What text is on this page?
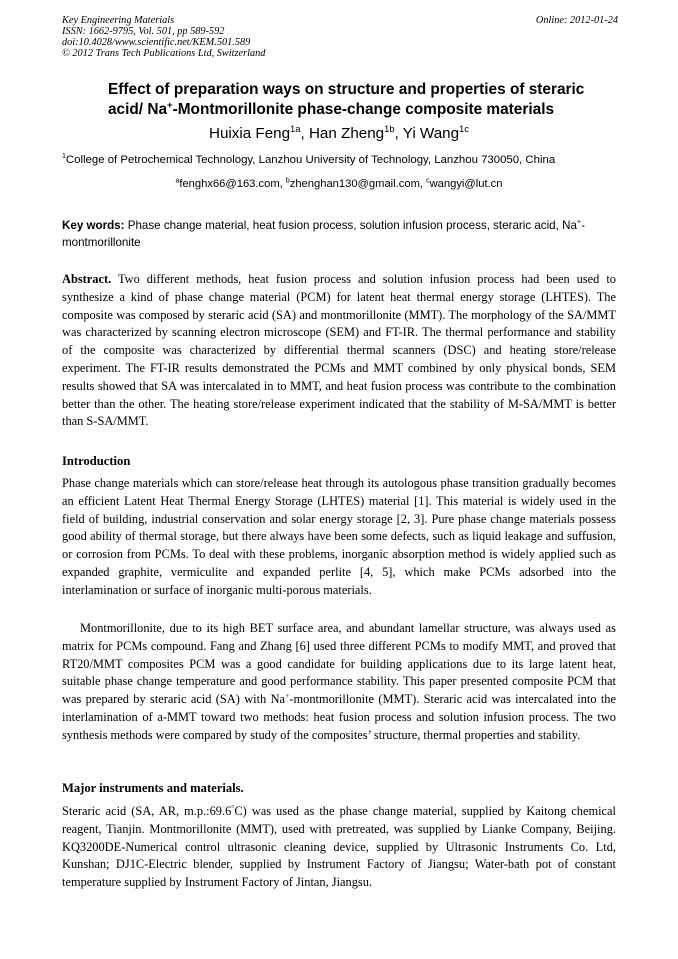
Key Engineering Materials
ISSN: 1662-9795, Vol. 501, pp 589-592
doi:10.4028/www.scientific.net/KEM.501.589
© 2012 Trans Tech Publications Ltd, Switzerland
Online: 2012-01-24
Effect of preparation ways on structure and properties of steraric
acid/ Na+-Montmorillonite phase-change composite materials
Huixia Feng$^{1a}$, Han Zheng$^{1b}$, Yi Wang$^{1c}$
$^1$College of Petrochemical Technology, Lanzhou University of Technology, Lanzhou 730050, China
$^a$fenghx66@163.com, $^b$zhenghan130@gmail.com, $^c$wangyi@lut.cn
Key words: Phase change material, heat fusion process, solution infusion process, steraric acid, Na+-montmorillonite
Abstract. Two different methods, heat fusion process and solution infusion process had been used to synthesize a kind of phase change material (PCM) for latent heat thermal energy storage (LHTES). The composite was composed by steraric acid (SA) and montmorillonite (MMT). The morphology of the SA/MMT was characterized by scanning electron microscope (SEM) and FT-IR. The thermal performance and stability of the composite was characterized by differential thermal scanners (DSC) and heating store/release experiment. The FT-IR results demonstrated the PCMs and MMT combined by only physical bonds, SEM results showed that SA was intercalated in to MMT, and heat fusion process was contribute to the combination better than the other. The heating store/release experiment indicated that the stability of M-SA/MMT is better than S-SA/MMT.
Introduction
Phase change materials which can store/release heat through its autologous phase transition gradually becomes an efficient Latent Heat Thermal Energy Storage (LHTES) material [1]. This material is widely used in the field of building, industrial conservation and solar energy storage [2, 3]. Pure phase change materials possess good ability of thermal storage, but there always have been some defects, such as liquid leakage and suffusion, or corrosion from PCMs. To deal with these problems, inorganic absorption method is widely applied such as expanded graphite, vermiculite and expanded perlite [4, 5], which make PCMs adsorbed into the interlamination or surface of inorganic multi-porous materials.
Montmorillonite, due to its high BET surface area, and abundant lamellar structure, was always used as matrix for PCMs compound. Fang and Zhang [6] used three different PCMs to modify MMT, and proved that RT20/MMT composites PCM was a good candidate for building applications due to its large latent heat, suitable phase change temperature and good performance stability. This paper presented composite PCM that was prepared by steraric acid (SA) with Na+-montmorillonite (MMT). Steraric acid was intercalated into the interlamination of a-MMT toward two methods: heat fusion process and solution infusion process. The two synthesis methods were compared by study of the composites’ structure, thermal properties and stability.
Major instruments and materials.
Steraric acid (SA, AR, m.p.:69.6°C) was used as the phase change material, supplied by Kaitong chemical reagent, Tianjin. Montmorillonite (MMT), used with pretreated, was supplied by Lianke Company, Beijing. KQ3200DE-Numerical control ultrasonic cleaning device, supplied by Ultrasonic Instruments Co. Ltd, Kunshan; DJ1C-Electric blender, supplied by Instrument Factory of Jiangsu; Water-bath pot of constant temperature supplied by Instrument Factory of Jintan, Jiangsu.
